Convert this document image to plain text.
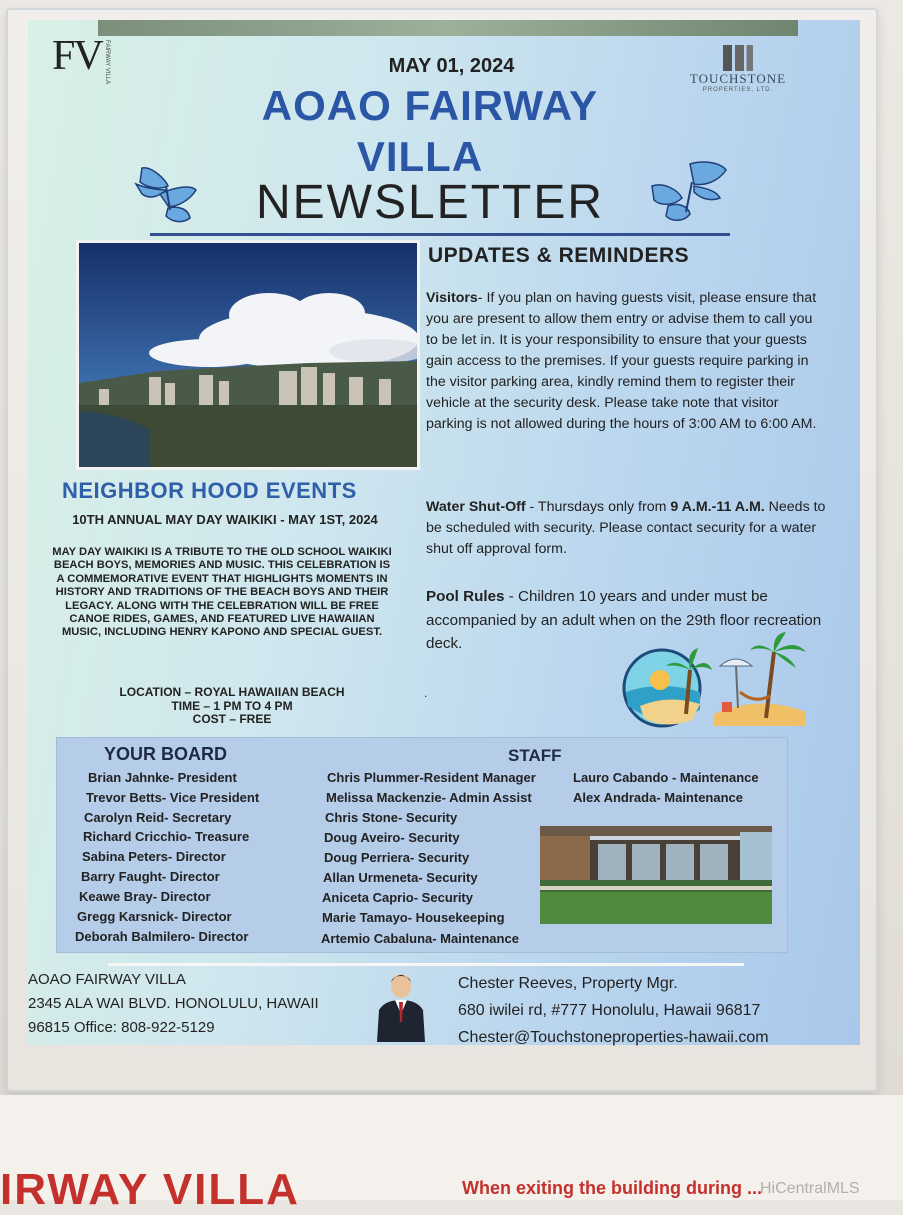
FV FAIRWAY VILLA	TOUCHSTONE
PROPERTIES, LTD.
MAY 01, 2024
AOAO FAIRWAY
VILLA
NEWSLETTER
NEIGHBOR HOOD EVENTS
10TH ANNUAL MAY DAY WAIKIKI - MAY 1ST, 2024
MAY DAY WAIKIKI IS A TRIBUTE TO THE OLD SCHOOL WAIKIKI BEACH BOYS, MEMORIES AND MUSIC. THIS CELEBRATION IS A COMMEMORATIVE EVENT THAT HIGHLIGHTS MOMENTS IN HISTORY AND TRADITIONS OF THE BEACH BOYS AND THEIR LEGACY. ALONG WITH THE CELEBRATION WILL BE FREE CANOE RIDES, GAMES, AND FEATURED LIVE HAWAIIAN MUSIC, INCLUDING HENRY KAPONO AND SPECIAL GUEST.
LOCATION – ROYAL HAWAIIAN BEACH
TIME – 1 PM TO 4 PM
COST – FREE
UPDATES & REMINDERS
Visitors- If you plan on having guests visit, please ensure that you are present to allow them entry or advise them to call you to be let in. It is your responsibility to ensure that your guests gain access to the premises. If your guests require parking in the visitor parking area, kindly remind them to register their vehicle at the security desk. Please take note that visitor parking is not allowed during the hours of 3:00 AM to 6:00 AM.
Water Shut-Off - Thursdays only from 9 A.M.-11 A.M. Needs to be scheduled with security. Please contact security for a water shut off approval form.
Pool Rules - Children 10 years and under must be accompanied by an adult when on the 29th floor recreation deck.
.
YOUR BOARD	STAFF
Brian Jahnke- President
Trevor Betts- Vice President
Carolyn Reid- Secretary
Richard Cricchio- Treasure
Sabina Peters- Director
Barry Faught- Director
Keawe Bray- Director
Gregg Karsnick- Director
Deborah Balmilero- Director
Chris Plummer-Resident Manager
Melissa Mackenzie- Admin Assist
Chris Stone- Security
Doug Aveiro- Security
Doug Perriera- Security
Allan Urmeneta- Security
Aniceta Caprio- Security
Marie Tamayo- Housekeeping
Artemio Cabaluna- Maintenance
Lauro Cabando - Maintenance
Alex Andrada- Maintenance
AOAO FAIRWAY VILLA
2345 ALA WAI BLVD. HONOLULU, HAWAII
96815 Office: 808-922-5129
Chester Reeves, Property Mgr.
680 iwilei rd, #777 Honolulu, Hawaii 96817
Chester@Touchstoneproperties-hawaii.com
IRWAY VILLA	When exiting the building during ...
HiCentralMLS
